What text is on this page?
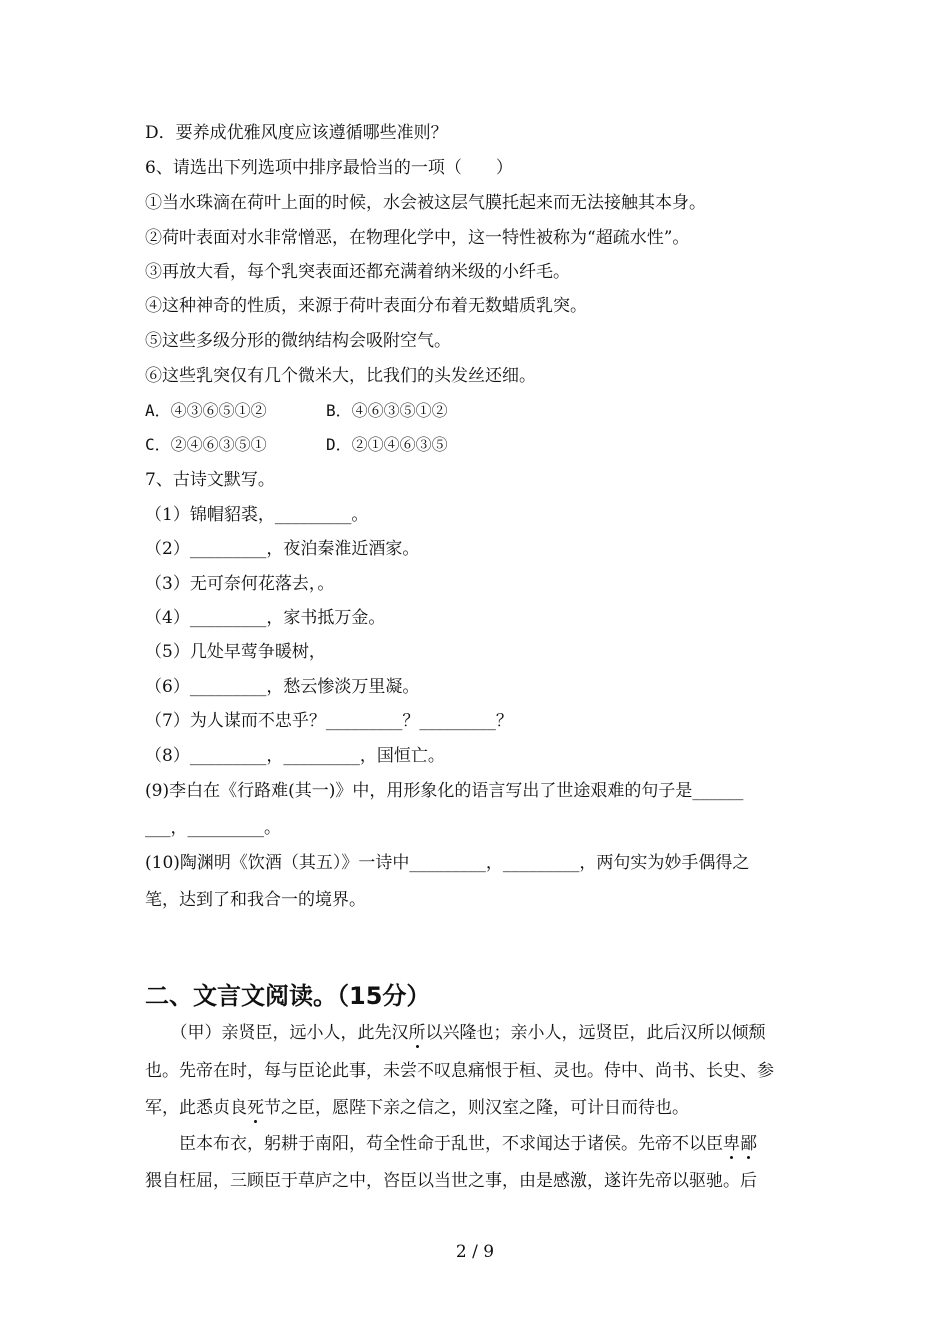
D．要养成优雅风度应该遵循哪些准则？
6、请选出下列选项中排序最恰当的一项（　　）
①当水珠滴在荷叶上面的时候，水会被这层气膜托起来而无法接触其本身。
②荷叶表面对水非常憎恶，在物理化学中，这一特性被称为“超疏水性”。
③再放大看，每个乳突表面还都充满着纳米级的小纤毛。
④这种神奇的性质，来源于荷叶表面分布着无数蜡质乳突。
⑤这些多级分形的微纳结构会吸附空气。
⑥这些乳突仅有几个微米大，比我们的头发丝还细。
A．④③⑥⑤①②	B．④⑥③⑤①②
C．②④⑥③⑤①	D．②①④⑥③⑤
7、古诗文默写。
（1）锦帽貂裘，_________。
（2）_________，夜泊秦淮近酒家。
（3）无可奈何花落去，。
（4）_________，家书抵万金。
（5）几处早莺争暖树，
（6）_________，愁云惨淡万里凝。
（7）为人谋而不忠乎？_________？_________？
（8）_________，_________，国恒亡。
(9)李白在《行路难(其一)》中，用形象化的语言写出了世途艰难的句子是______
___，_________。
(10)陶渊明《饮酒（其五）》一诗中_________，_________，两句实为妙手偶得之
笔，达到了和我合一的境界。
二、文言文阅读。（15分）
　　（甲）亲贤臣，远小人，此先汉所以兴隆也；亲小人，远贤臣，此后汉所以倾颓
也。先帝在时，每与臣论此事，未尝不叹息痛恨于桓、灵也。侍中、尚书、长史、参
军，此悉贞良死节之臣，愿陛下亲之信之，则汉室之隆，可计日而待也。
　　臣本布衣，躬耕于南阳，苟全性命于乱世，不求闻达于诸侯。先帝不以臣卑鄙
猥自枉屈，三顾臣于草庐之中，咨臣以当世之事，由是感激，遂许先帝以驱驰。后
2 / 9
